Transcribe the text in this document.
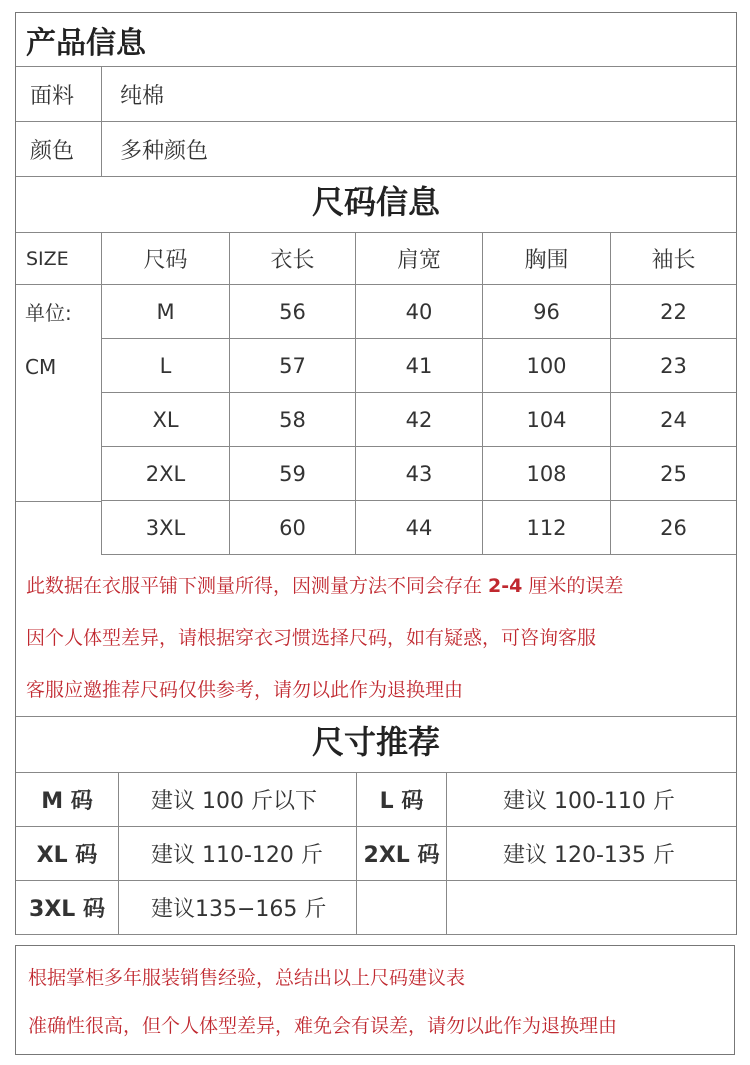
产品信息
面料	纯棉
颜色	多种颜色
尺码信息
SIZE	尺码	衣长	肩宽	胸围	袖长
单位:
CM
M	56	40	96	22
L	57	41	100	23
XL	58	42	104	24
2XL	59	43	108	25
3XL	60	44	112	26
此数据在衣服平铺下测量所得，因测量方法不同会存在 2-4 厘米的误差
因个人体型差异，请根据穿衣习惯选择尺码，如有疑惑，可咨询客服
客服应邀推荐尺码仅供参考，请勿以此作为退换理由
尺寸推荐
M 码	建议 100 斤以下	L 码	建议 100-110 斤
XL 码	建议 110-120 斤	2XL 码	建议 120-135 斤
3XL 码	建议135−165 斤
根据掌柜多年服装销售经验，总结出以上尺码建议表
准确性很高，但个人体型差异，难免会有误差，请勿以此作为退换理由
